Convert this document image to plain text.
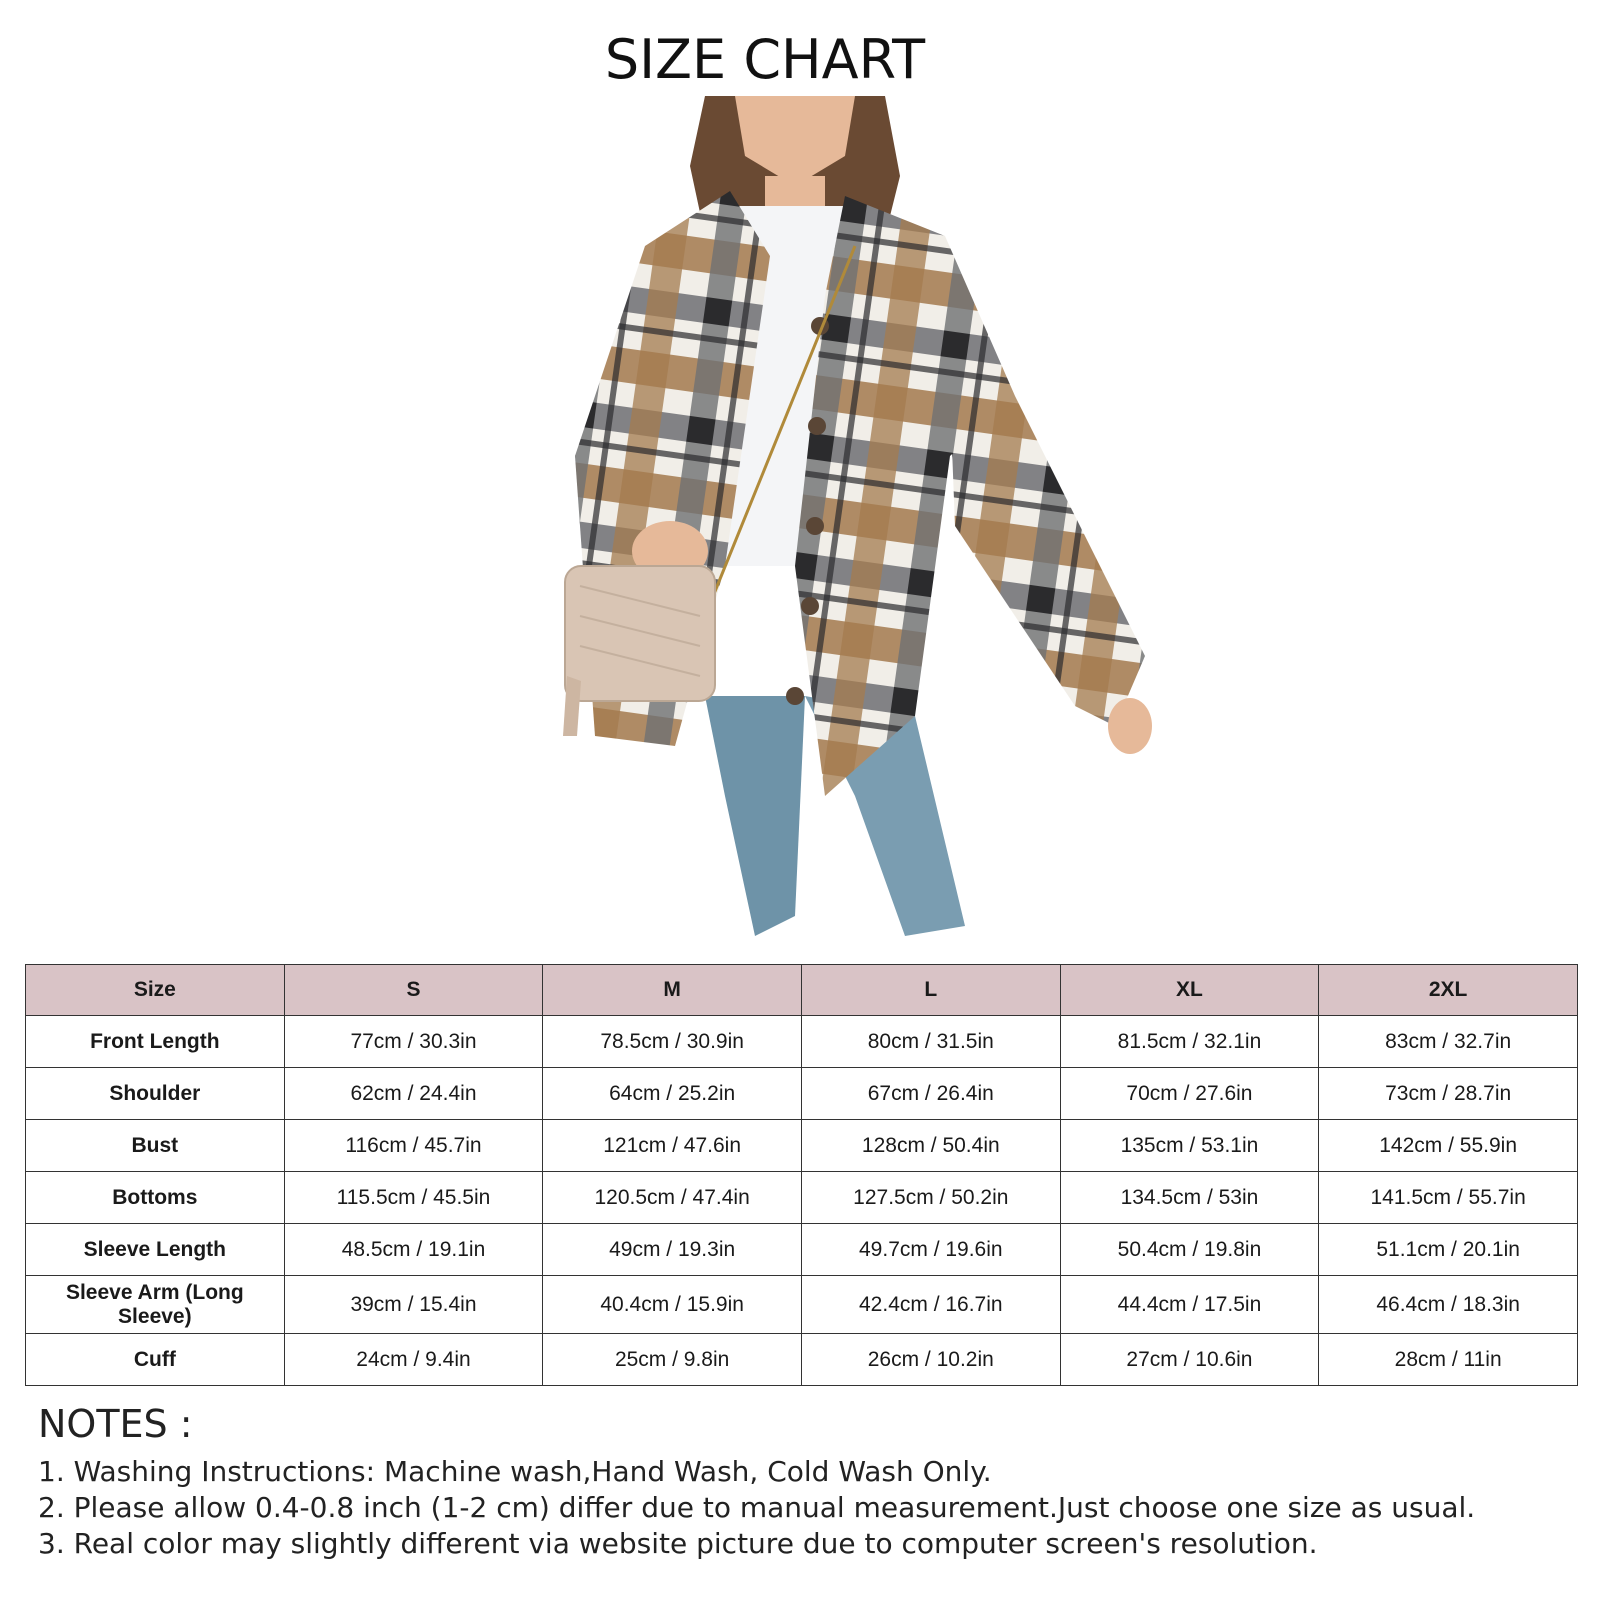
SIZE CHART
Size	S	M	L	XL	2XL
Front Length	77cm / 30.3in	78.5cm / 30.9in	80cm / 31.5in	81.5cm / 32.1in	83cm / 32.7in
Shoulder	62cm / 24.4in	64cm / 25.2in	67cm / 26.4in	70cm / 27.6in	73cm / 28.7in
Bust	116cm / 45.7in	121cm / 47.6in	128cm / 50.4in	135cm / 53.1in	142cm / 55.9in
Bottoms	115.5cm / 45.5in	120.5cm / 47.4in	127.5cm / 50.2in	134.5cm / 53in	141.5cm / 55.7in
Sleeve Length	48.5cm / 19.1in	49cm / 19.3in	49.7cm / 19.6in	50.4cm / 19.8in	51.1cm / 20.1in
Sleeve Arm (Long Sleeve)	39cm / 15.4in	40.4cm / 15.9in	42.4cm / 16.7in	44.4cm / 17.5in	46.4cm / 18.3in
Cuff	24cm / 9.4in	25cm / 9.8in	26cm / 10.2in	27cm / 10.6in	28cm / 11in
NOTES :
1. Washing Instructions: Machine wash,Hand Wash, Cold Wash Only.
2. Please allow 0.4-0.8 inch (1-2 cm) differ due to manual measurement.Just choose one size as usual.
3. Real color may slightly different via website picture due to computer screen's resolution.
